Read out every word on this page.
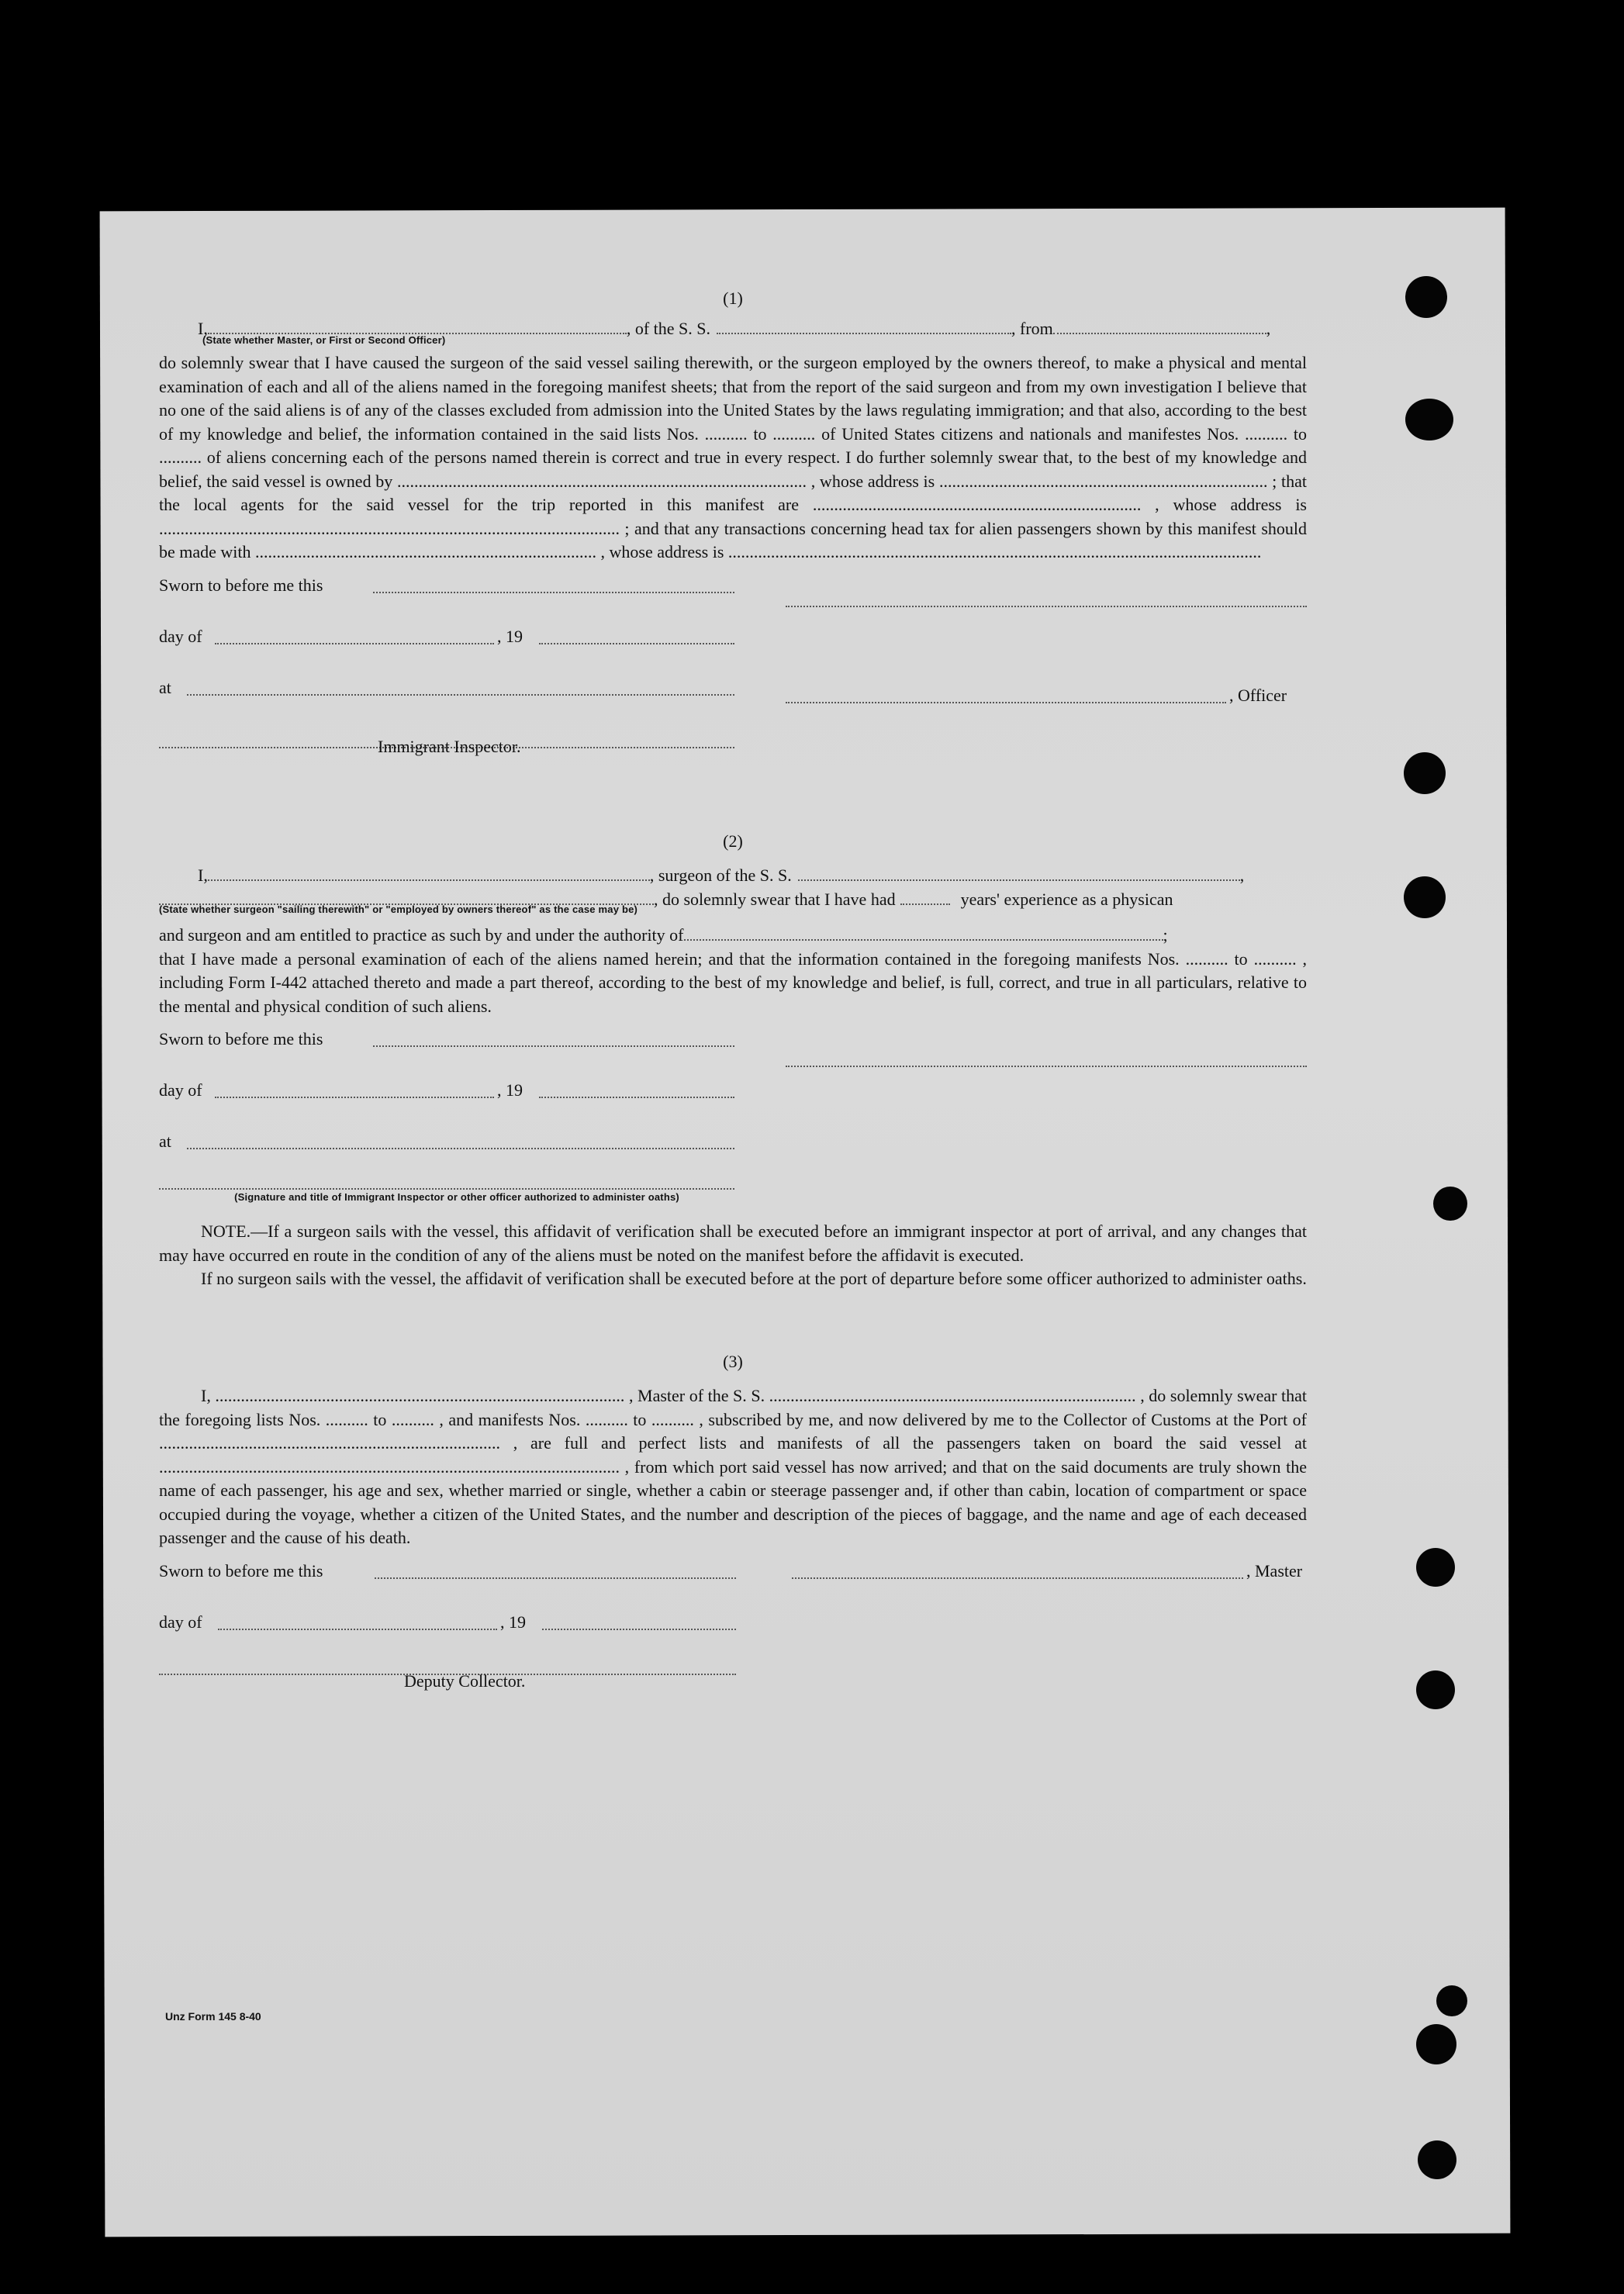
(1)
I,	, of the S. S.	, from	,
(State whether Master, or First or Second Officer)

do solemnly swear that I have caused the surgeon of the said vessel sailing therewith, or the surgeon employed by the owners thereof, to make a physical and mental examination of each and all of the aliens named in the foregoing manifest sheets; that from the report of the said surgeon and from my own investigation I believe that no one of the said aliens is of any of the classes excluded from admission into the United States by the laws regulating immigration; and that also, according to the best of my knowledge and belief, the information contained in the said lists Nos. .......... to .......... of United States citizens and nationals and manifestes Nos. .......... to .......... of aliens concerning each of the persons named therein is correct and true in every respect. I do further solemnly swear that, to the best of my knowledge and belief, the said vessel is owned by ................................................................................................ , whose address is ............................................................................. ; that the local agents for the said vessel for the trip reported in this manifest are ............................................................................. , whose address is ............................................................................................................ ; and that any transactions concerning head tax for alien passengers shown by this manifest should be made with ................................................................................ , whose address is .............................................................................................................................

Sworn to before me this
day of	, 19
at	, Officer
Immigrant Inspector.
(2)
I,	, surgeon of the S. S.	,
, do solemnly swear that I have had	years' experience as a physican
(State whether surgeon "sailing therewith" or "employed by owners thereof" as the case may be)
and surgeon and am entitled to practice as such by and under the authority of	;

that I have made a personal examination of each of the aliens named herein; and that the information contained in the foregoing manifests Nos. .......... to .......... , including Form I-442 attached thereto and made a part thereof, according to the best of my knowledge and belief, is full, correct, and true in all particulars, relative to the mental and physical condition of such aliens.

Sworn to before me this
day of	, 19
at
(Signature and title of Immigrant Inspector or other officer authorized to administer oaths)

NOTE.—If a surgeon sails with the vessel, this affidavit of verification shall be executed before an immigrant inspector at port of arrival, and any changes that may have occurred en route in the condition of any of the aliens must be noted on the manifest before the affidavit is executed.

If no surgeon sails with the vessel, the affidavit of verification shall be executed before at the port of departure before some officer authorized to administer oaths.

(3)

I, ................................................................................................ , Master of the S. S. ...................................................................................... , do solemnly swear that the foregoing lists Nos. .......... to .......... , and manifests Nos. .......... to .......... , subscribed by me, and now delivered by me to the Collector of Customs at the Port of ................................................................................ , are full and perfect lists and manifests of all the passengers taken on board the said vessel at ............................................................................................................ , from which port said vessel has now arrived; and that on the said documents are truly shown the name of each passenger, his age and sex, whether married or single, whether a cabin or steerage passenger and, if other than cabin, location of compartment or space occupied during the voyage, whether a citizen of the United States, and the number and description of the pieces of baggage, and the name and age of each deceased passenger and the cause of his death.

Sworn to before me this	, Master
day of	, 19
Deputy Collector.
Unz Form 145 8-40
